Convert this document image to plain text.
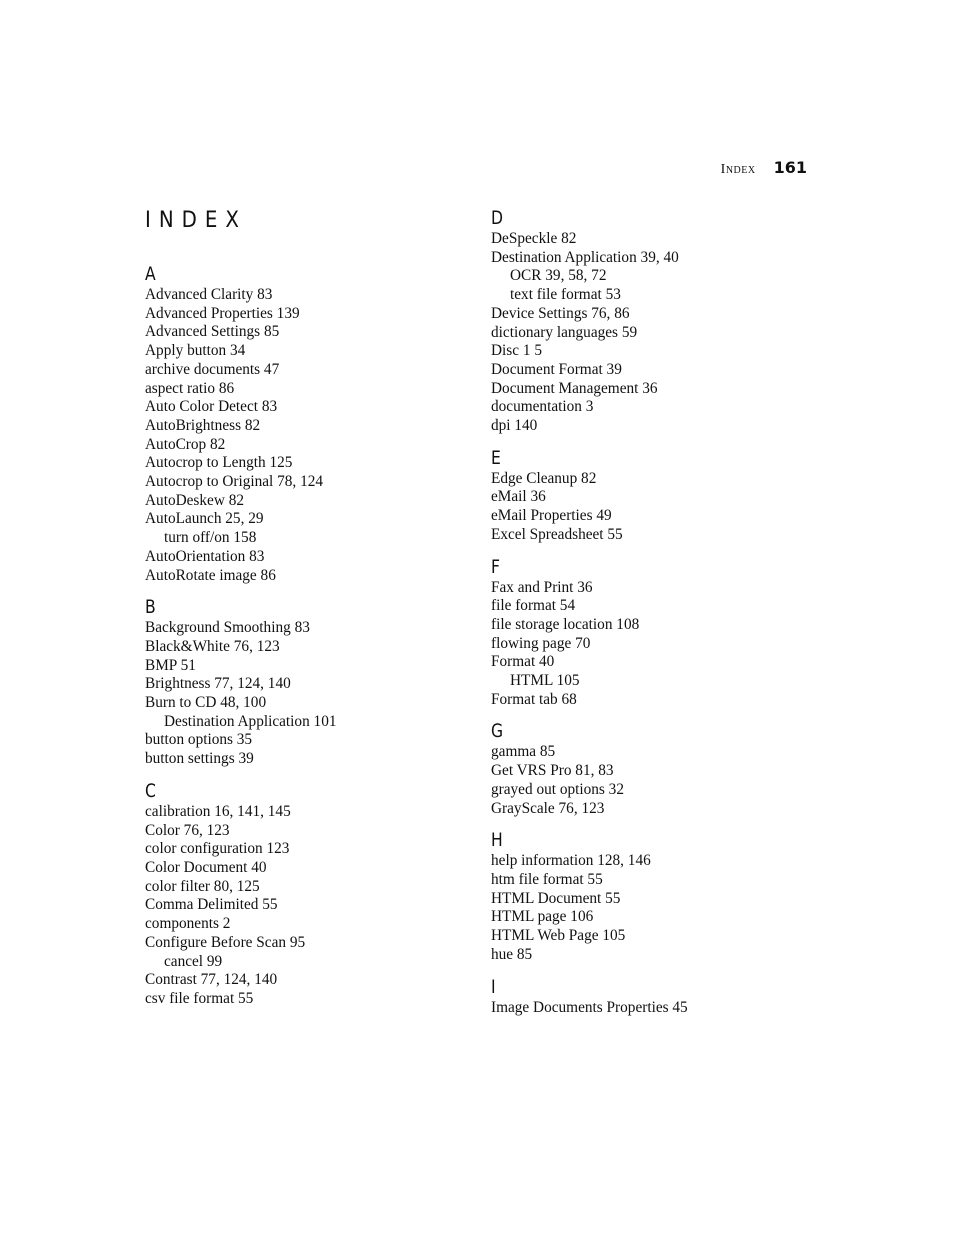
Index 161
INDEX
A
Advanced Clarity 83
Advanced Properties 139
Advanced Settings 85
Apply button 34
archive documents 47
aspect ratio 86
Auto Color Detect 83
AutoBrightness 82
AutoCrop 82
Autocrop to Length 125
Autocrop to Original 78, 124
AutoDeskew 82
AutoLaunch 25, 29
turn off/on 158
AutoOrientation 83
AutoRotate image 86
B
Background Smoothing 83
Black&White 76, 123
BMP 51
Brightness 77, 124, 140
Burn to CD 48, 100
Destination Application 101
button options 35
button settings 39
C
calibration 16, 141, 145
Color 76, 123
color configuration 123
Color Document 40
color filter 80, 125
Comma Delimited 55
components 2
Configure Before Scan 95
cancel 99
Contrast 77, 124, 140
csv file format 55
D
DeSpeckle 82
Destination Application 39, 40
OCR 39, 58, 72
text file format 53
Device Settings 76, 86
dictionary languages 59
Disc 1 5
Document Format 39
Document Management 36
documentation 3
dpi 140
E
Edge Cleanup 82
eMail 36
eMail Properties 49
Excel Spreadsheet 55
F
Fax and Print 36
file format 54
file storage location 108
flowing page 70
Format 40
HTML 105
Format tab 68
G
gamma 85
Get VRS Pro 81, 83
grayed out options 32
GrayScale 76, 123
H
help information 128, 146
htm file format 55
HTML Document 55
HTML page 106
HTML Web Page 105
hue 85
I
Image Documents Properties 45
